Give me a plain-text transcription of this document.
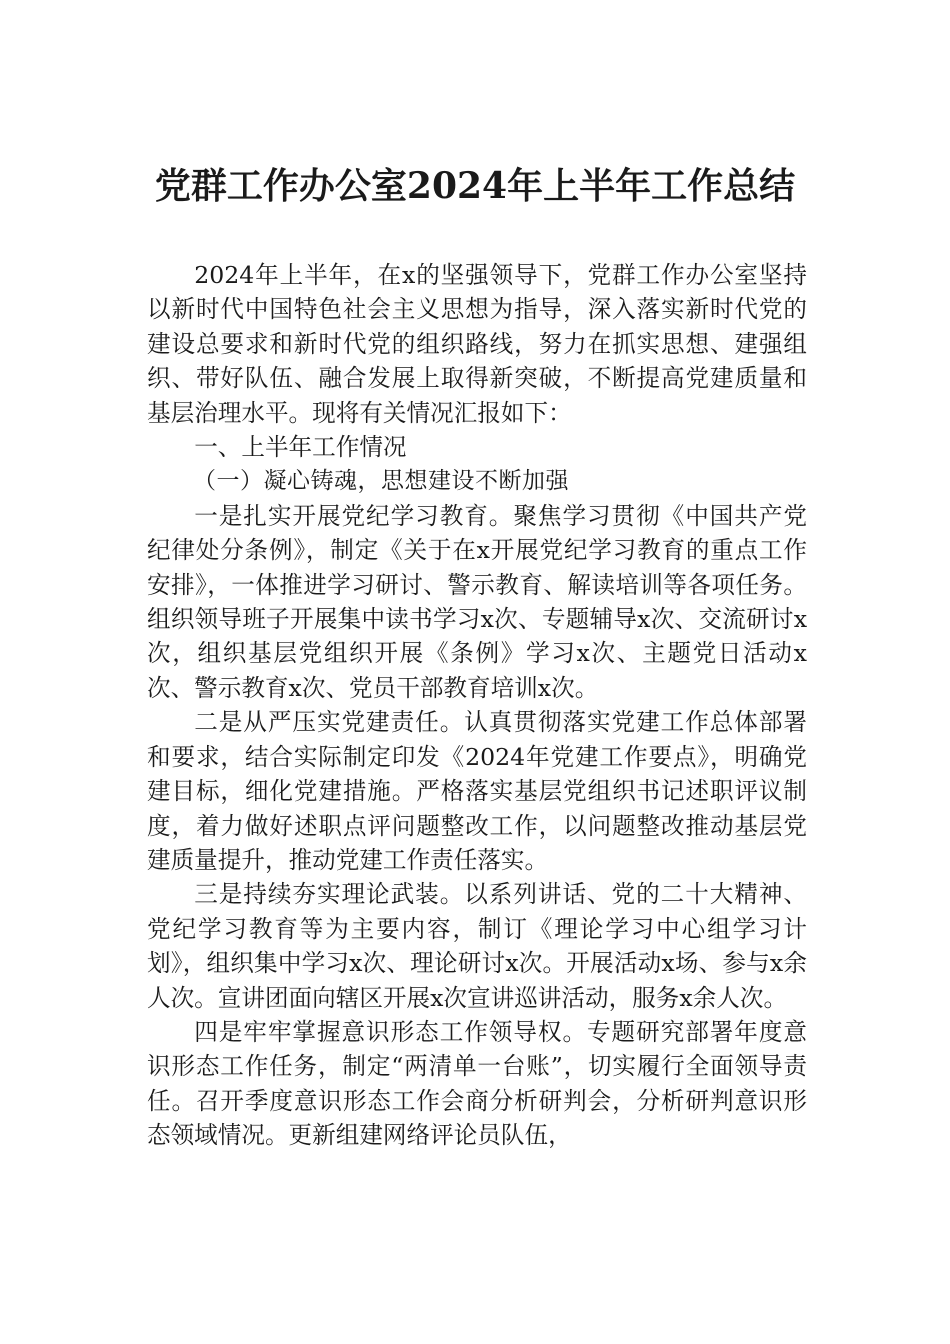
党群工作办公室2024年上半年工作总结

2024年上半年，在x的坚强领导下，党群工作办公室坚持以新时代中国特色社会主义思想为指导，深入落实新时代党的建设总要求和新时代党的组织路线，努力在抓实思想、建强组织、带好队伍、融合发展上取得新突破，不断提高党建质量和基层治理水平。现将有关情况汇报如下：

一、上半年工作情况

（一）凝心铸魂，思想建设不断加强

一是扎实开展党纪学习教育。聚焦学习贯彻《中国共产党纪律处分条例》，制定《关于在x开展党纪学习教育的重点工作安排》，一体推进学习研讨、警示教育、解读培训等各项任务。组织领导班子开展集中读书学习x次、专题辅导x次、交流研讨x次，组织基层党组织开展《条例》学习x次、主题党日活动x次、警示教育x次、党员干部教育培训x次。

二是从严压实党建责任。认真贯彻落实党建工作总体部署和要求，结合实际制定印发《2024年党建工作要点》，明确党建目标，细化党建措施。严格落实基层党组织书记述职评议制度，着力做好述职点评问题整改工作，以问题整改推动基层党建质量提升，推动党建工作责任落实。

三是持续夯实理论武装。以系列讲话、党的二十大精神、党纪学习教育等为主要内容，制订《理论学习中心组学习计划》，组织集中学习x次、理论研讨x次。开展活动x场、参与x余人次。宣讲团面向辖区开展x次宣讲巡讲活动，服务x余人次。

四是牢牢掌握意识形态工作领导权。专题研究部署年度意识形态工作任务，制定“两清单一台账”，切实履行全面领导责任。召开季度意识形态工作会商分析研判会，分析研判意识形态领域情况。更新组建网络评论员队伍，
